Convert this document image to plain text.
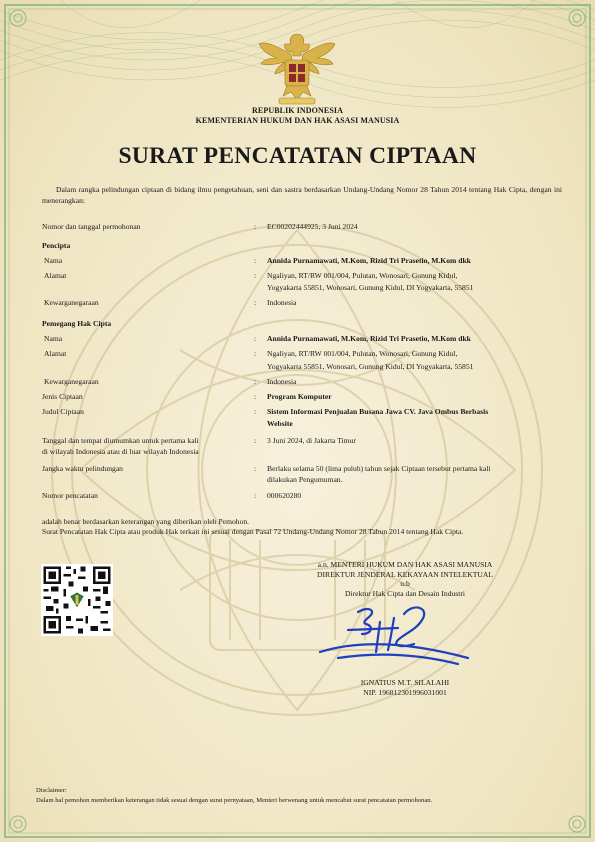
REPUBLIK INDONESIA
KEMENTERIAN HUKUM DAN HAK ASASI MANUSIA
SURAT PENCATATAN CIPTAAN
Dalam rangka pelindungan ciptaan di bidang ilmu pengetahuan, seni dan sastra berdasarkan Undang-Undang Nomor 28 Tahun 2014 tentang Hak Cipta, dengan ini menerangkan:
Nomor dan tanggal permohonan	: EC00202444925, 3 Juni 2024
Pencipta
Nama	: Annida Purnamawati, M.Kom, Rizid Tri Prasetio, M.Kom dkk
Alamat	: Ngaliyan, RT/RW 001/004, Pulutan, Wonosari, Gunung Kidul,
Yogyakarta 55851, Wonosari, Gunung Kidul, DI Yogyakarta, 55851
Kewarganegaraan	: Indonesia
Pemegang Hak Cipta
Nama	: Annida Purnamawati, M.Kom, Rizid Tri Prasetio, M.Kom dkk
Alamat	: Ngaliyan, RT/RW 001/004, Pulutan, Wonosari, Gunung Kidul,
Yogyakarta 55851, Wonosari, Gunung Kidul, DI Yogyakarta, 55851
Kewarganegaraan	: Indonesia
Jenis Ciptaan	: Program Komputer
Judul Ciptaan	: Sistem Informasi Penjualan Busana Jawa CV. Java Ombus Berbasis
Website
Tanggal dan tempat diumumkan untuk pertama kali	: 3 Juni 2024, di Jakarta Timur
di wilayah Indonesia atau di luar wilayah Indonesia
Jangka waktu pelindungan	: Berlaku selama 50 (lima puluh) tahun sejak Ciptaan tersebut pertama kali
dilakukan Pengumuman.
Nomor pencatatan	: 000620280
adalah benar berdasarkan keterangan yang diberikan oleh Pemohon.
Surat Pencatatan Hak Cipta atau produk Hak terkait ini sesuai dengan Pasal 72 Undang-Undang Nomor 28 Tahun 2014 tentang Hak Cipta.
a.n. MENTERI HUKUM DAN HAK ASASI MANUSIA
DIREKTUR JENDERAL KEKAYAAN INTELEKTUAL
u.b
Direktur Hak Cipta dan Desain Industri
IGNATIUS M.T. SILALAHI
NIP. 196812301996031001
Disclaimer:
Dalam hal pemohon memberikan keterangan tidak sesuai dengan surat pernyataan, Menteri berwenang untuk mencabut surat pencatatan permohonan.
